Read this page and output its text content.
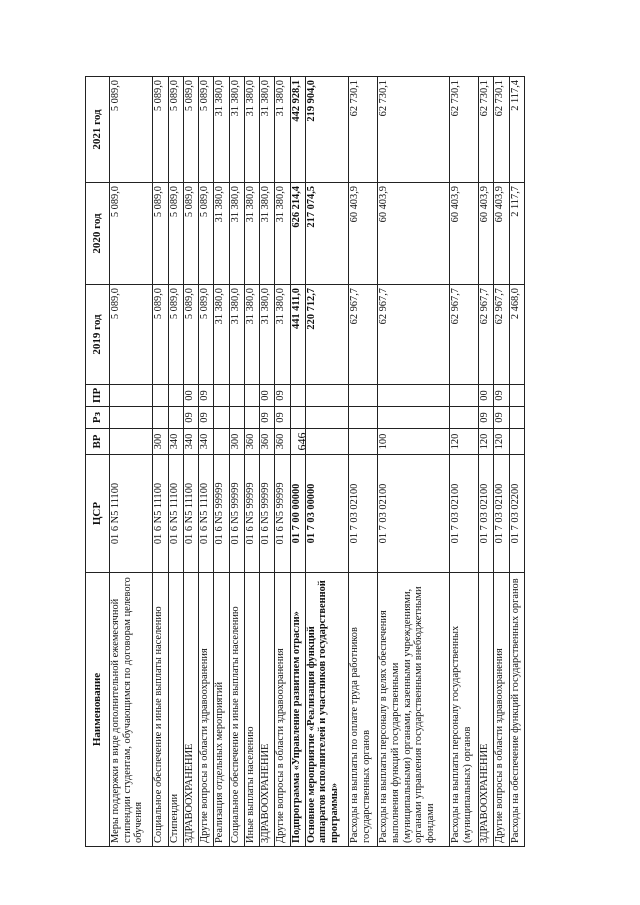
646
Наименование	ЦСР	ВР	Рз	ПР	2019 год	2020 год	2021 год
Меры поддержки в виде дополнительной ежемесячной стипендии студентам, обучающимся по договорам целевого обучения	01 6 N5 11100				5 089,0	5 089,0	5 089,0
Социальное обеспечение и иные выплаты населению	01 6 N5 11100	300			5 089,0	5 089,0	5 089,0
Стипендии	01 6 N5 11100	340			5 089,0	5 089,0	5 089,0
ЗДРАВООХРАНЕНИЕ	01 6 N5 11100	340	09	00	5 089,0	5 089,0	5 089,0
Другие вопросы в области здравоохранения	01 6 N5 11100	340	09	09	5 089,0	5 089,0	5 089,0
Реализация отдельных мероприятий	01 6 N5 99999				31 380,0	31 380,0	31 380,0
Социальное обеспечение и иные выплаты населению	01 6 N5 99999	300			31 380,0	31 380,0	31 380,0
Иные выплаты населению	01 6 N5 99999	360			31 380,0	31 380,0	31 380,0
ЗДРАВООХРАНЕНИЕ	01 6 N5 99999	360	09	00	31 380,0	31 380,0	31 380,0
Другие вопросы в области здравоохранения	01 6 N5 99999	360	09	09	31 380,0	31 380,0	31 380,0
Подпрограмма «Управление развитием отрасли»	01 7 00 00000				441 411,0	626 214,4	442 928,1
Основное мероприятие «Реализация функций аппаратов исполнителей и участников государственной программы»	01 7 03 00000				220 712,7	217 074,5	219 904,0
Расходы на выплаты по оплате труда работников государственных органов	01 7 03 02100				62 967,7	60 403,9	62 730,1
Расходы на выплаты персоналу в целях обеспечения выполнения функций государственными (муниципальными) органами, казенными учреждениями, органами управления государственными внебюджетными фондами	01 7 03 02100	100			62 967,7	60 403,9	62 730,1
Расходы на выплаты персоналу государственных (муниципальных) органов	01 7 03 02100	120			62 967,7	60 403,9	62 730,1
ЗДРАВООХРАНЕНИЕ	01 7 03 02100	120	09	00	62 967,7	60 403,9	62 730,1
Другие вопросы в области здравоохранения	01 7 03 02100	120	09	09	62 967,7	60 403,9	62 730,1
Расходы на обеспечение функций государственных органов	01 7 03 02200				2 468,0	2 117,7	2 117,4
